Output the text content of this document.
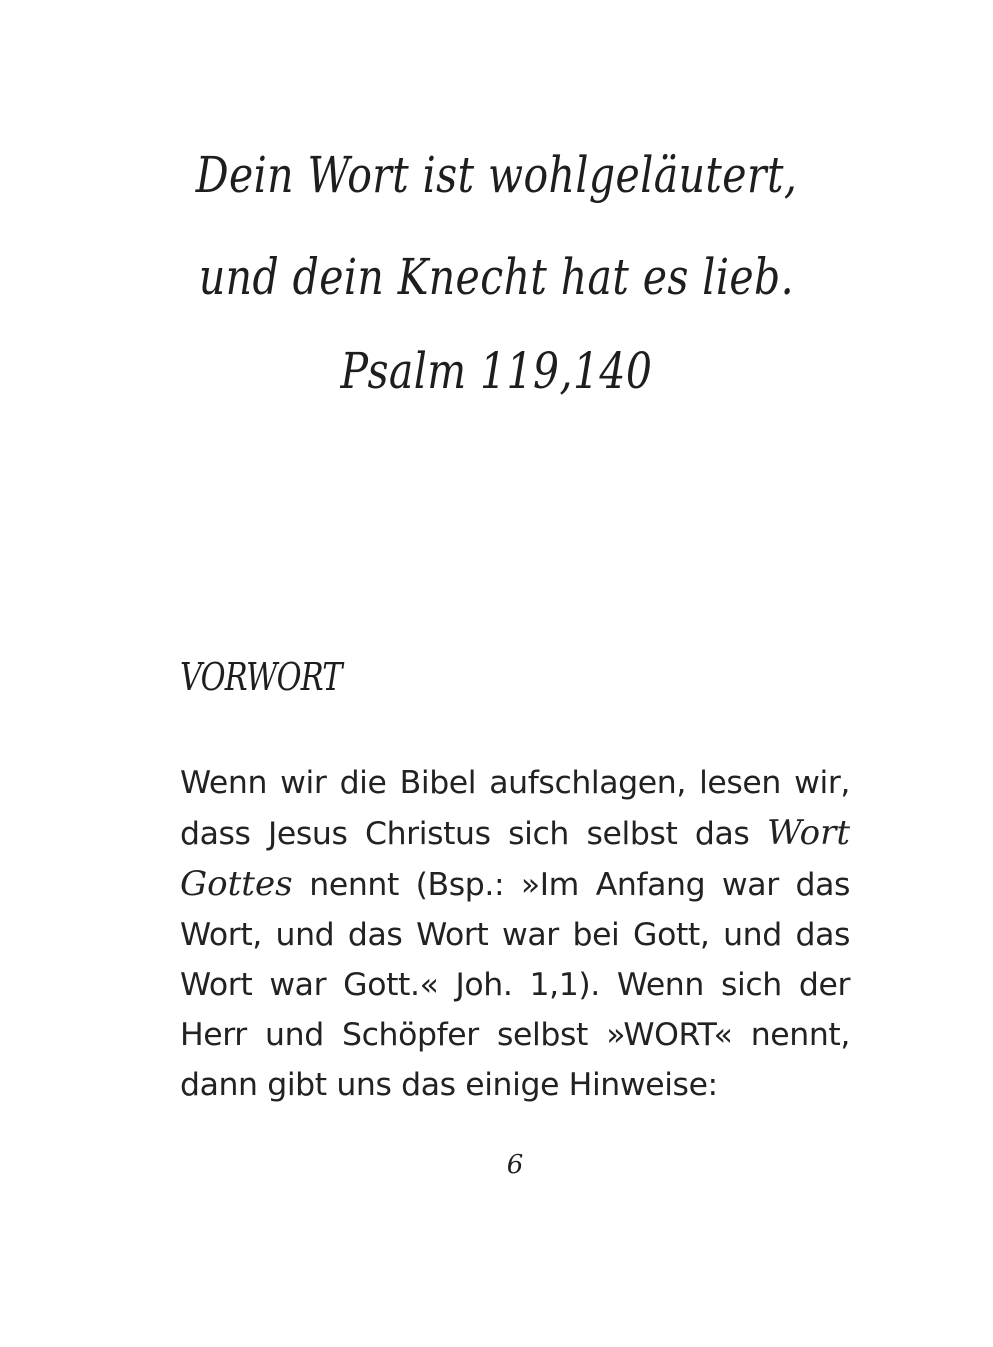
Dein Wort ist wohlgeläutert,
und dein Knecht hat es lieb.
Psalm 119,140
VORWORT

Wenn wir die Bibel aufschlagen, lesen wir, dass Jesus Christus sich selbst das Wort Gottes nennt (Bsp.: »Im Anfang war das Wort, und das Wort war bei Gott, und das Wort war Gott.« Joh. 1,1). Wenn sich der Herr und Schöpfer selbst »WORT« nennt, dann gibt uns das einige Hinweise:

6
